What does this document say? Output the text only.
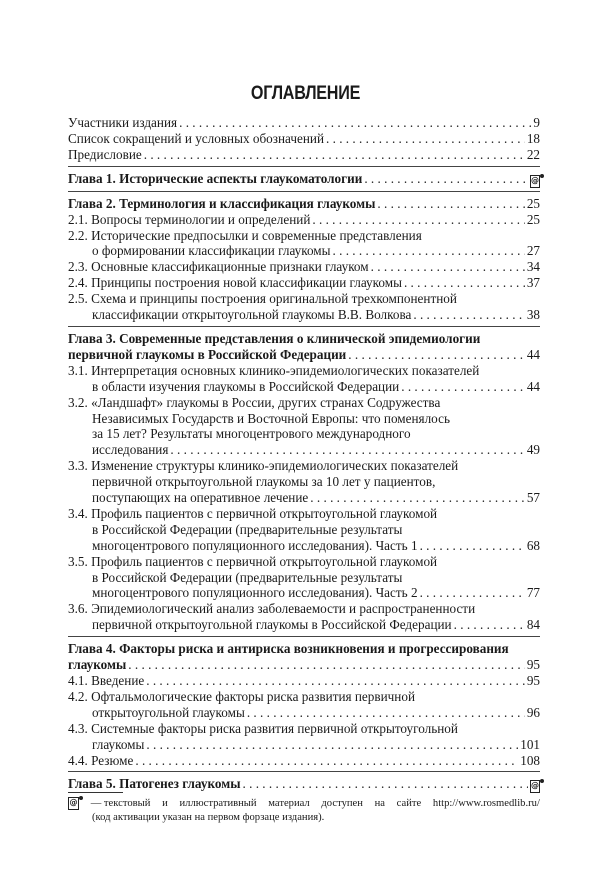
ОГЛАВЛЕНИЕ
Участники издания . . .	9
Список сокращений и условных обозначений . . .	18
Предисловие . . .	22
Глава 1. Исторические аспекты глаукоматологии . . .	@
Глава 2. Терминология и классификация глаукомы . . .	25
2.1. Вопросы терминологии и определений . . .	25
2.2. Исторические предпосылки и современные представления
о формировании классификации глаукомы . . .	27
2.3. Основные классификационные признаки глауком . . .	34
2.4. Принципы построения новой классификации глаукомы . . .	37
2.5. Схема и принципы построения оригинальной трехкомпонентной
классификации открытоугольной глаукомы В.В. Волкова . . .	38
Глава 3. Современные представления о клинической эпидемиологии
первичной глаукомы в Российской Федерации . . .	44
3.1. Интерпретация основных клинико-эпидемиологических показателей
в области изучения глаукомы в Российской Федерации . . .	44
3.2. «Ландшафт» глаукомы в России, других странах Содружества
Независимых Государств и Восточной Европы: что поменялось
за 15 лет? Результаты многоцентрового международного
исследования . . .	49
3.3. Изменение структуры клинико-эпидемиологических показателей
первичной открытоугольной глаукомы за 10 лет у пациентов,
поступающих на оперативное лечение . . .	57
3.4. Профиль пациентов с первичной открытоугольной глаукомой
в Российской Федерации (предварительные результаты
многоцентрового популяционного исследования). Часть 1 . . .	68
3.5. Профиль пациентов с первичной открытоугольной глаукомой
в Российской Федерации (предварительные результаты
многоцентрового популяционного исследования). Часть 2 . . .	77
3.6. Эпидемиологический анализ заболеваемости и распространенности
первичной открытоугольной глаукомы в Российской Федерации . . .	84
Глава 4. Факторы риска и антириска возникновения и прогрессирования
глаукомы . . .	95
4.1. Введение . . .	95
4.2. Офтальмологические факторы риска развития первичной
открытоугольной глаукомы . . .	96
4.3. Системные факторы риска развития первичной открытоугольной
глаукомы . . .	101
4.4. Резюме . . .	108
Глава 5. Патогенез глаукомы . . .	@
@ — текстовый и иллюстративный материал доступен на сайте http://www.rosmedlib.ru/
(код активации указан на первом форзаце издания).
